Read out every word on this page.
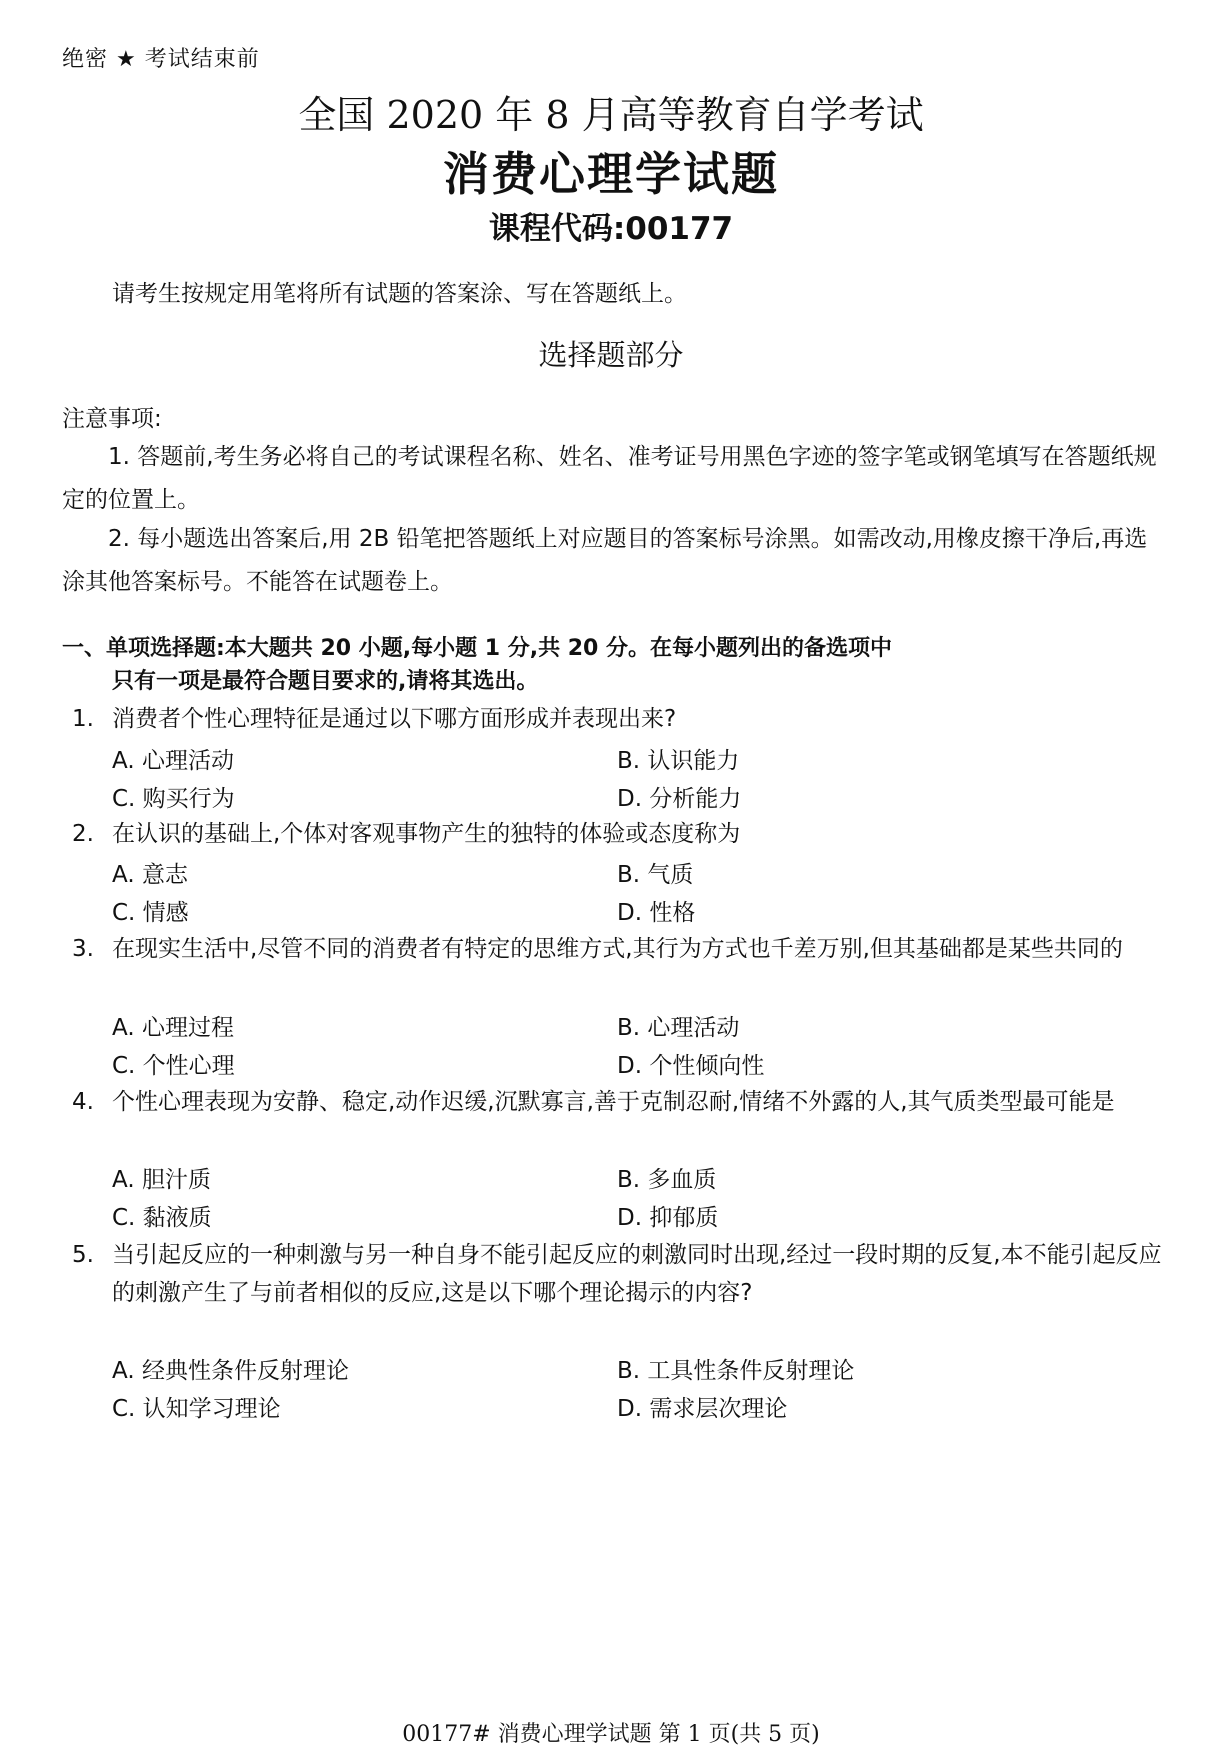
绝密 ★ 考试结束前
全国 2020 年 8 月高等教育自学考试
消费心理学试题
课程代码:00177
请考生按规定用笔将所有试题的答案涂、写在答题纸上。
选择题部分
注意事项:
1. 答题前,考生务必将自己的考试课程名称、姓名、准考证号用黑色字迹的签字笔或钢笔填写在答题纸规定的位置上。
2. 每小题选出答案后,用 2B 铅笔把答题纸上对应题目的答案标号涂黑。如需改动,用橡皮擦干净后,再选涂其他答案标号。不能答在试题卷上。
一、单项选择题:本大题共 20 小题,每小题 1 分,共 20 分。在每小题列出的备选项中
只有一项是最符合题目要求的,请将其选出。
1. 消费者个性心理特征是通过以下哪方面形成并表现出来?
A. 心理活动	B. 认识能力
C. 购买行为	D. 分析能力
2. 在认识的基础上,个体对客观事物产生的独特的体验或态度称为
A. 意志	B. 气质
C. 情感	D. 性格
3. 在现实生活中,尽管不同的消费者有特定的思维方式,其行为方式也千差万别,但其基础都是某些共同的
A. 心理过程	B. 心理活动
C. 个性心理	D. 个性倾向性
4. 个性心理表现为安静、稳定,动作迟缓,沉默寡言,善于克制忍耐,情绪不外露的人,其气质类型最可能是
A. 胆汁质	B. 多血质
C. 黏液质	D. 抑郁质
5. 当引起反应的一种刺激与另一种自身不能引起反应的刺激同时出现,经过一段时期的反复,本不能引起反应的刺激产生了与前者相似的反应,这是以下哪个理论揭示的内容?
A. 经典性条件反射理论	B. 工具性条件反射理论
C. 认知学习理论	D. 需求层次理论
00177# 消费心理学试题 第 1 页(共 5 页)
